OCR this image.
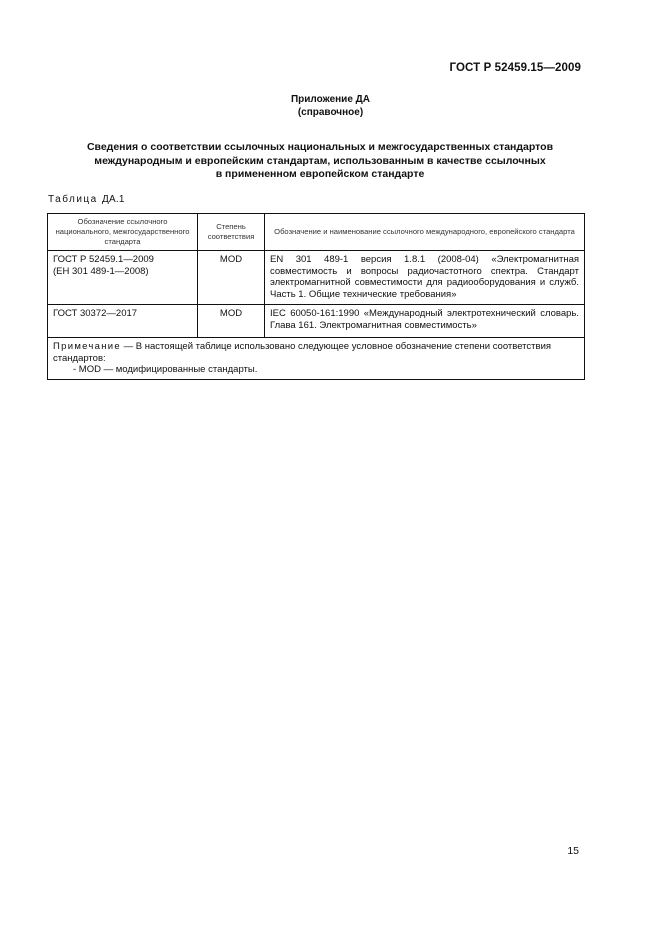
ГОСТ Р 52459.15—2009
Приложение ДА
(справочное)
Сведения о соответствии ссылочных национальных и межгосударственных стандартов
международным и европейским стандартам, использованным в качестве ссылочных
в примененном европейском стандарте
Таблица ДА.1
Обозначение ссылочного национального, межгосударственного стандарта	Степень соответствия	Обозначение и наименование ссылочного международного, европейского стандарта

ГОСТ Р 52459.1—2009
(ЕН 301 489-1—2008)	MOD	EN 301 489-1 версия 1.8.1 (2008-04) «Электромагнитная совместимость и вопросы радиочастотного спектра. Стандарт электромагнитной совместимости для радиооборудования и служб. Часть 1. Общие технические требования»

ГОСТ 30372—2017	MOD	IEC 60050-161:1990 «Международный электротехнический словарь. Глава 161. Электромагнитная совместимость»

Примечание — В настоящей таблице использовано следующее условное обозначение степени соответствия стандартов:
- MOD — модифицированные стандарты.		
15
